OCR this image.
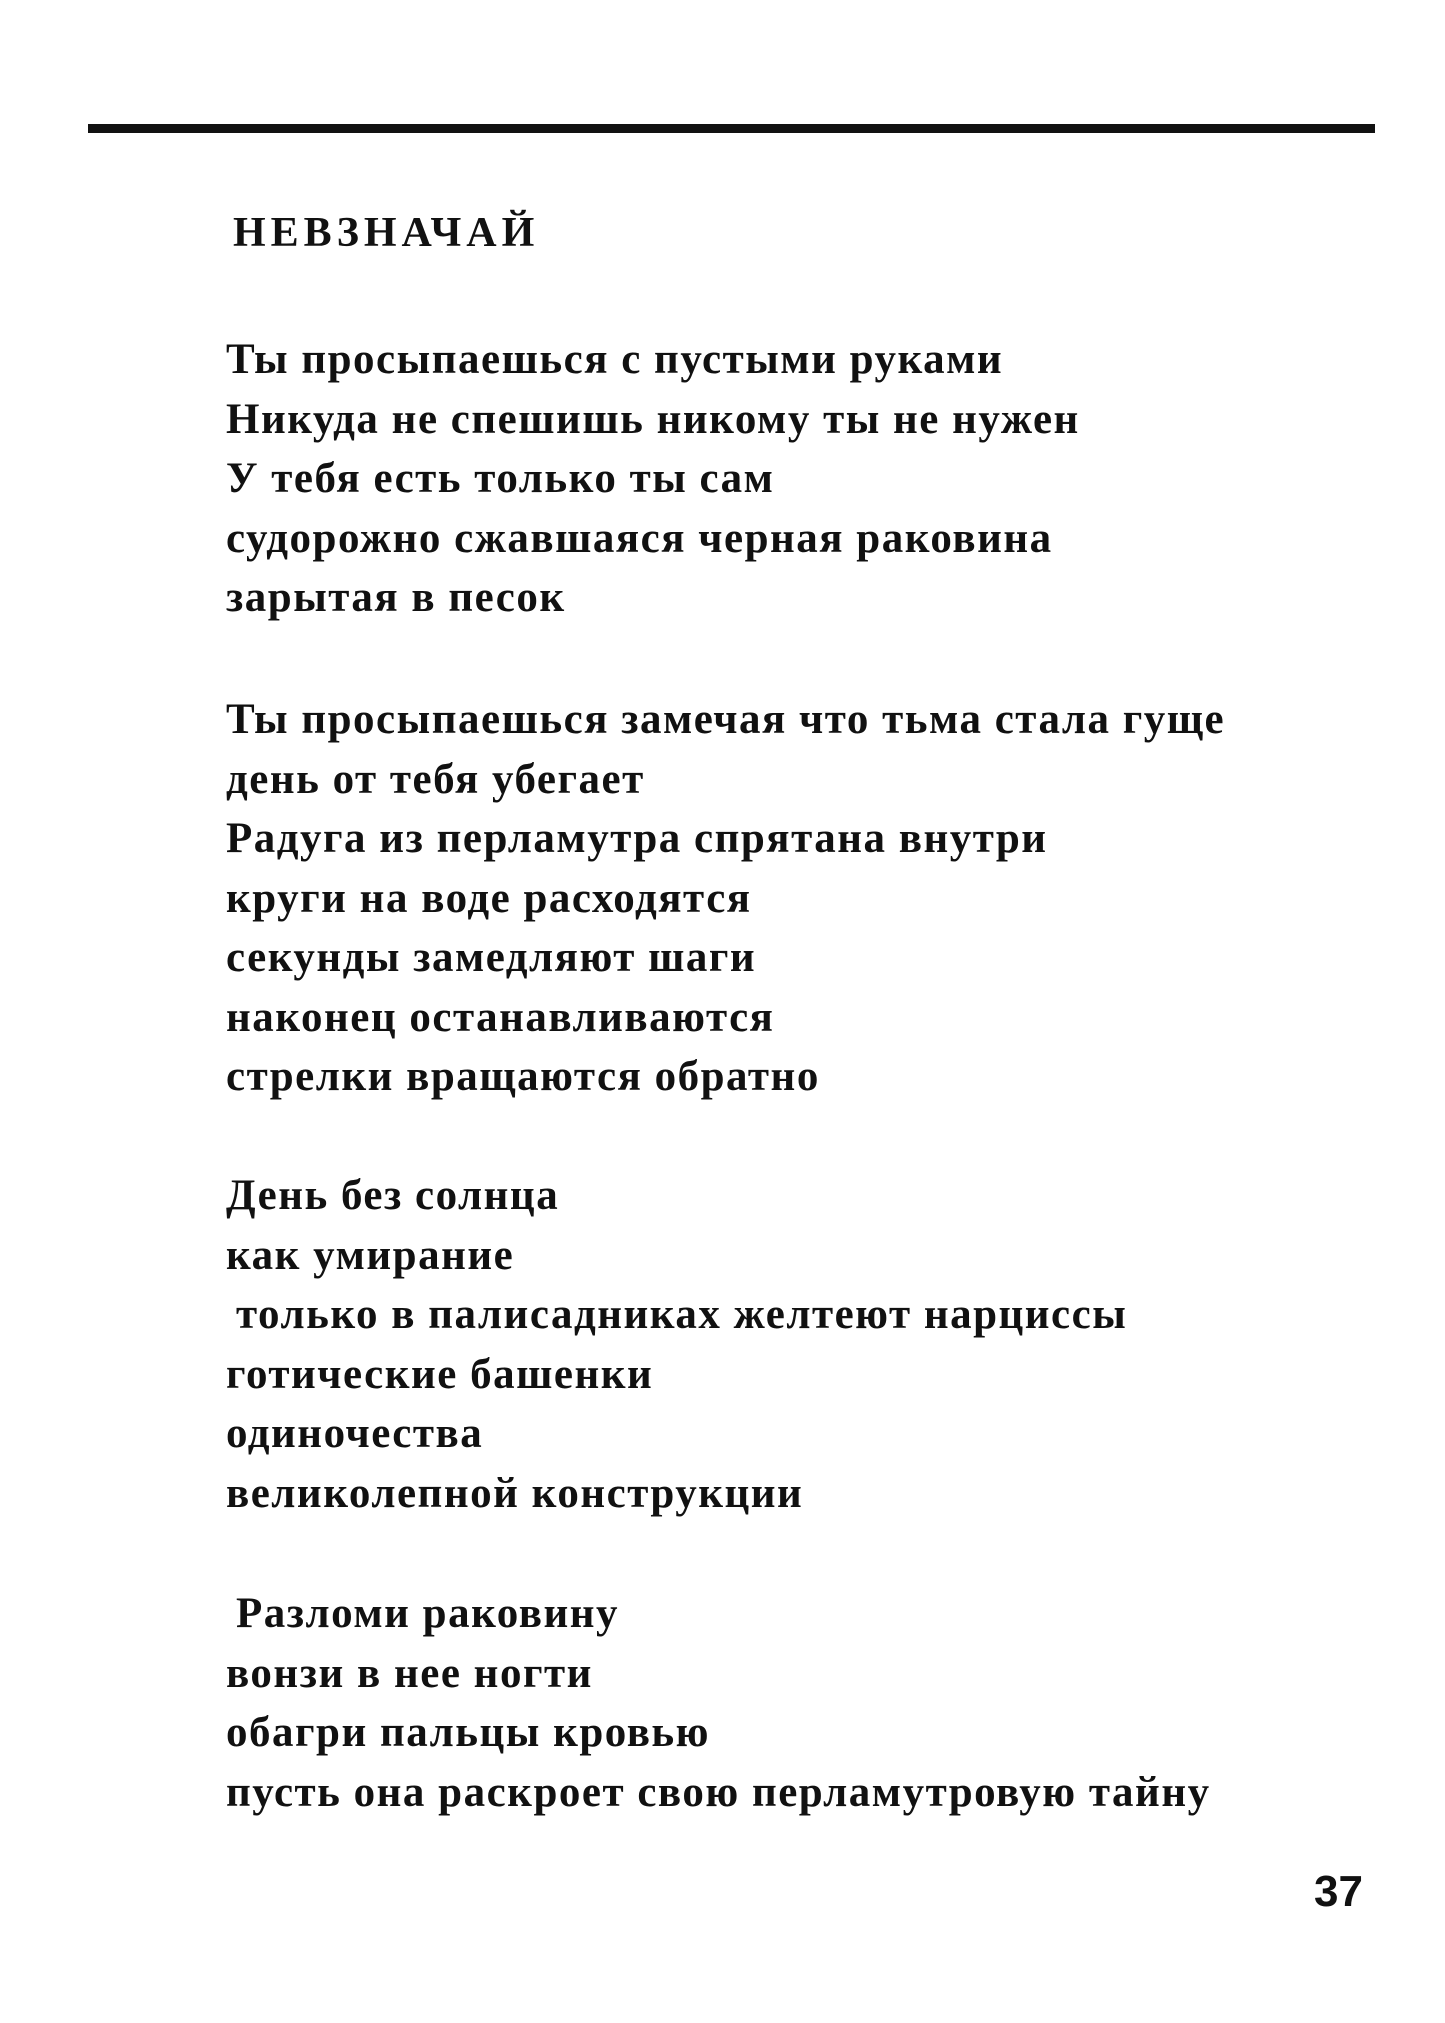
НЕВЗНАЧАЙ
Ты просыпаешься с пустыми руками
Никуда не спешишь никому ты не нужен
У тебя есть только ты сам
судорожно сжавшаяся черная раковина
зарытая в песок
Ты просыпаешься замечая что тьма стала гуще
день от тебя убегает
Радуга из перламутра спрятана внутри
круги на воде расходятся
секунды замедляют шаги
наконец останавливаются
стрелки вращаются обратно
День без солнца
как умирание
только в палисадниках желтеют нарциссы
готические башенки
одиночества
великолепной конструкции
Разломи раковину
вонзи в нее ногти
обагри пальцы кровью
пусть она раскроет свою перламутровую тайну
37
